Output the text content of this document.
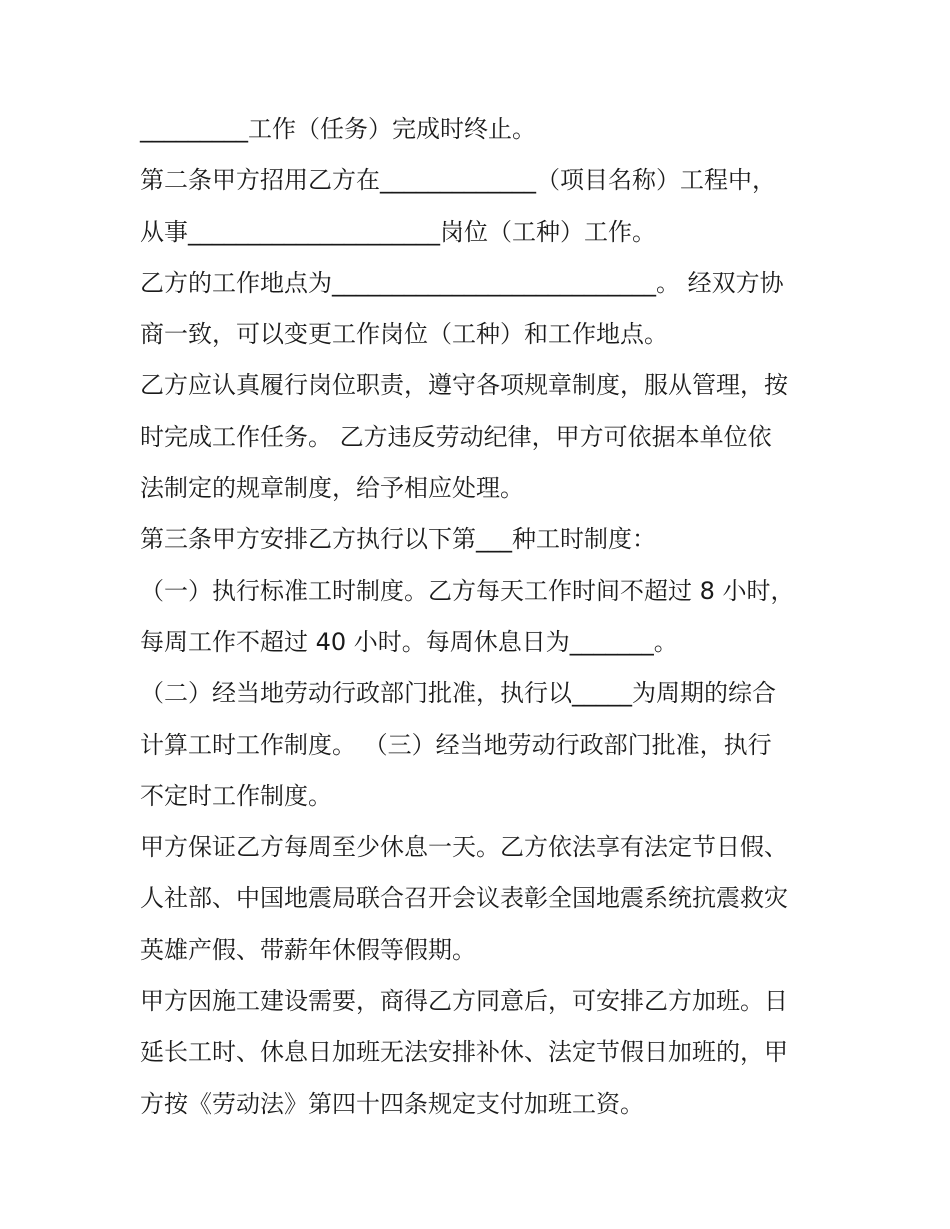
_________工作（任务）完成时终止。
第二条甲方招用乙方在_____________（项目名称）工程中，
从事_____________________岗位（工种）工作。
乙方的工作地点为___________________________。 经双方协
商一致，可以变更工作岗位（工种）和工作地点。
乙方应认真履行岗位职责，遵守各项规章制度，服从管理，按
时完成工作任务。 乙方违反劳动纪律，甲方可依据本单位依
法制定的规章制度，给予相应处理。
第三条甲方安排乙方执行以下第___种工时制度：
（一）执行标准工时制度。乙方每天工作时间不超过 8 小时，
每周工作不超过 40 小时。每周休息日为_______。
（二）经当地劳动行政部门批准，执行以_____为周期的综合
计算工时工作制度。 （三）经当地劳动行政部门批准，执行
不定时工作制度。
甲方保证乙方每周至少休息一天。乙方依法享有法定节日假、
人社部、中国地震局联合召开会议表彰全国地震系统抗震救灾
英雄产假、带薪年休假等假期。
甲方因施工建设需要，商得乙方同意后，可安排乙方加班。日
延长工时、休息日加班无法安排补休、法定节假日加班的，甲
方按《劳动法》第四十四条规定支付加班工资。
